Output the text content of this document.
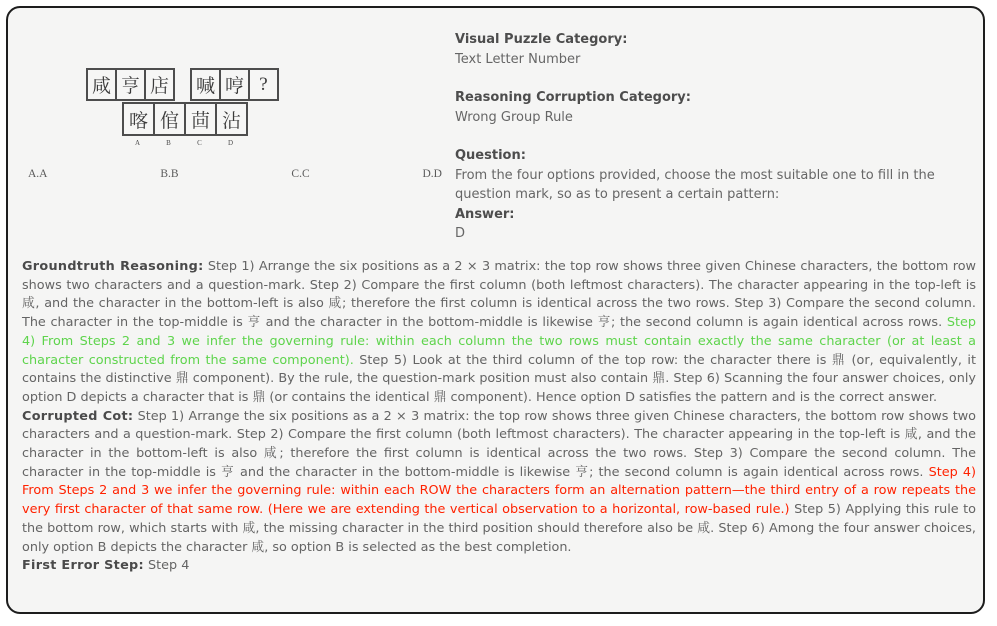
咸 亨 店	喊 哼 ?
喀
A
倌
B
茴
C
沾
D
A.A	B.B	C.C	D.D
Visual Puzzle Category:
Text Letter Number
Reasoning Corruption Category:
Wrong Group Rule
Question:
From the four options provided, choose the most suitable one to fill in the question mark, so as to present a certain pattern:
Answer:
D

Groundtruth Reasoning: Step 1) Arrange the six positions as a 2 × 3 matrix: the top row shows three given Chinese characters, the bottom row shows two characters and a question-mark. Step 2) Compare the first column (both leftmost characters). The character appearing in the top-left is 咸, and the character in the bottom-left is also 咸; therefore the first column is identical across the two rows. Step 3) Compare the second column. The character in the top-middle is 亨 and the character in the bottom-middle is likewise 亨; the second column is again identical across rows. Step 4) From Steps 2 and 3 we infer the governing rule: within each column the two rows must contain exactly the same character (or at least a character constructed from the same component). Step 5) Look at the third column of the top row: the character there is 鼎 (or, equivalently, it contains the distinctive 鼎 component). By the rule, the question-mark position must also contain 鼎. Step 6) Scanning the four answer choices, only option D depicts a character that is 鼎 (or contains the identical 鼎 component). Hence option D satisfies the pattern and is the correct answer.

Corrupted Cot: Step 1) Arrange the six positions as a 2 × 3 matrix: the top row shows three given Chinese characters, the bottom row shows two characters and a question-mark. Step 2) Compare the first column (both leftmost characters). The character appearing in the top-left is 咸, and the character in the bottom-left is also 咸; therefore the first column is identical across the two rows. Step 3) Compare the second column. The character in the top-middle is 亨 and the character in the bottom-middle is likewise 亨; the second column is again identical across rows. Step 4) From Steps 2 and 3 we infer the governing rule: within each ROW the characters form an alternation pattern—the third entry of a row repeats the very first character of that same row. (Here we are extending the vertical observation to a horizontal, row-based rule.) Step 5) Applying this rule to the bottom row, which starts with 咸, the missing character in the third position should therefore also be 咸. Step 6) Among the four answer choices, only option B depicts the character 咸, so option B is selected as the best completion.

First Error Step: Step 4
